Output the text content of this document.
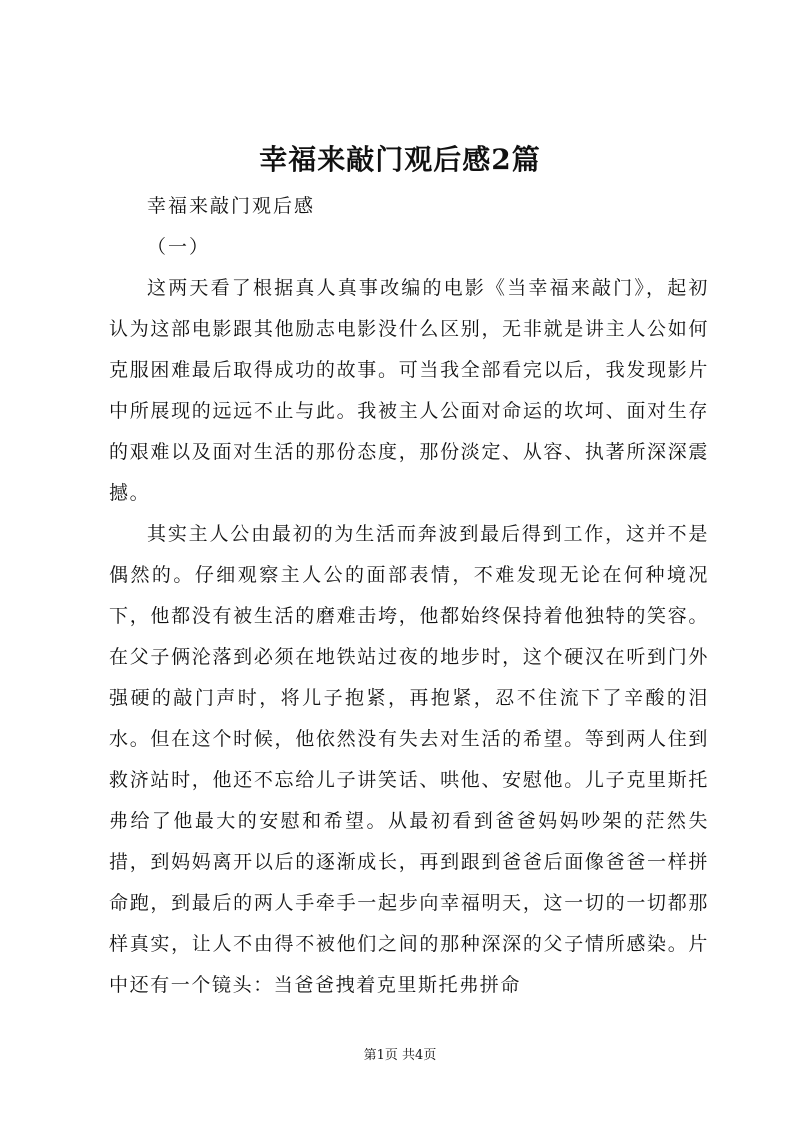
幸福来敲门观后感2篇

幸福来敲门观后感

（一）

这两天看了根据真人真事改编的电影《当幸福来敲门》，起初认为这部电影跟其他励志电影没什么区别，无非就是讲主人公如何克服困难最后取得成功的故事。可当我全部看完以后，我发现影片中所展现的远远不止与此。我被主人公面对命运的坎坷、面对生存的艰难以及面对生活的那份态度，那份淡定、从容、执著所深深震撼。

其实主人公由最初的为生活而奔波到最后得到工作，这并不是偶然的。仔细观察主人公的面部表情，不难发现无论在何种境况下，他都没有被生活的磨难击垮，他都始终保持着他独特的笑容。在父子俩沦落到必须在地铁站过夜的地步时，这个硬汉在听到门外强硬的敲门声时，将儿子抱紧，再抱紧，忍不住流下了辛酸的泪水。但在这个时候，他依然没有失去对生活的希望。等到两人住到救济站时，他还不忘给儿子讲笑话、哄他、安慰他。儿子克里斯托弗给了他最大的安慰和希望。从最初看到爸爸妈妈吵架的茫然失措，到妈妈离开以后的逐渐成长，再到跟到爸爸后面像爸爸一样拼命跑，到最后的两人手牵手一起步向幸福明天，这一切的一切都那样真实，让人不由得不被他们之间的那种深深的父子情所感染。片中还有一个镜头：当爸爸拽着克里斯托弗拼命

第1页 共4页
